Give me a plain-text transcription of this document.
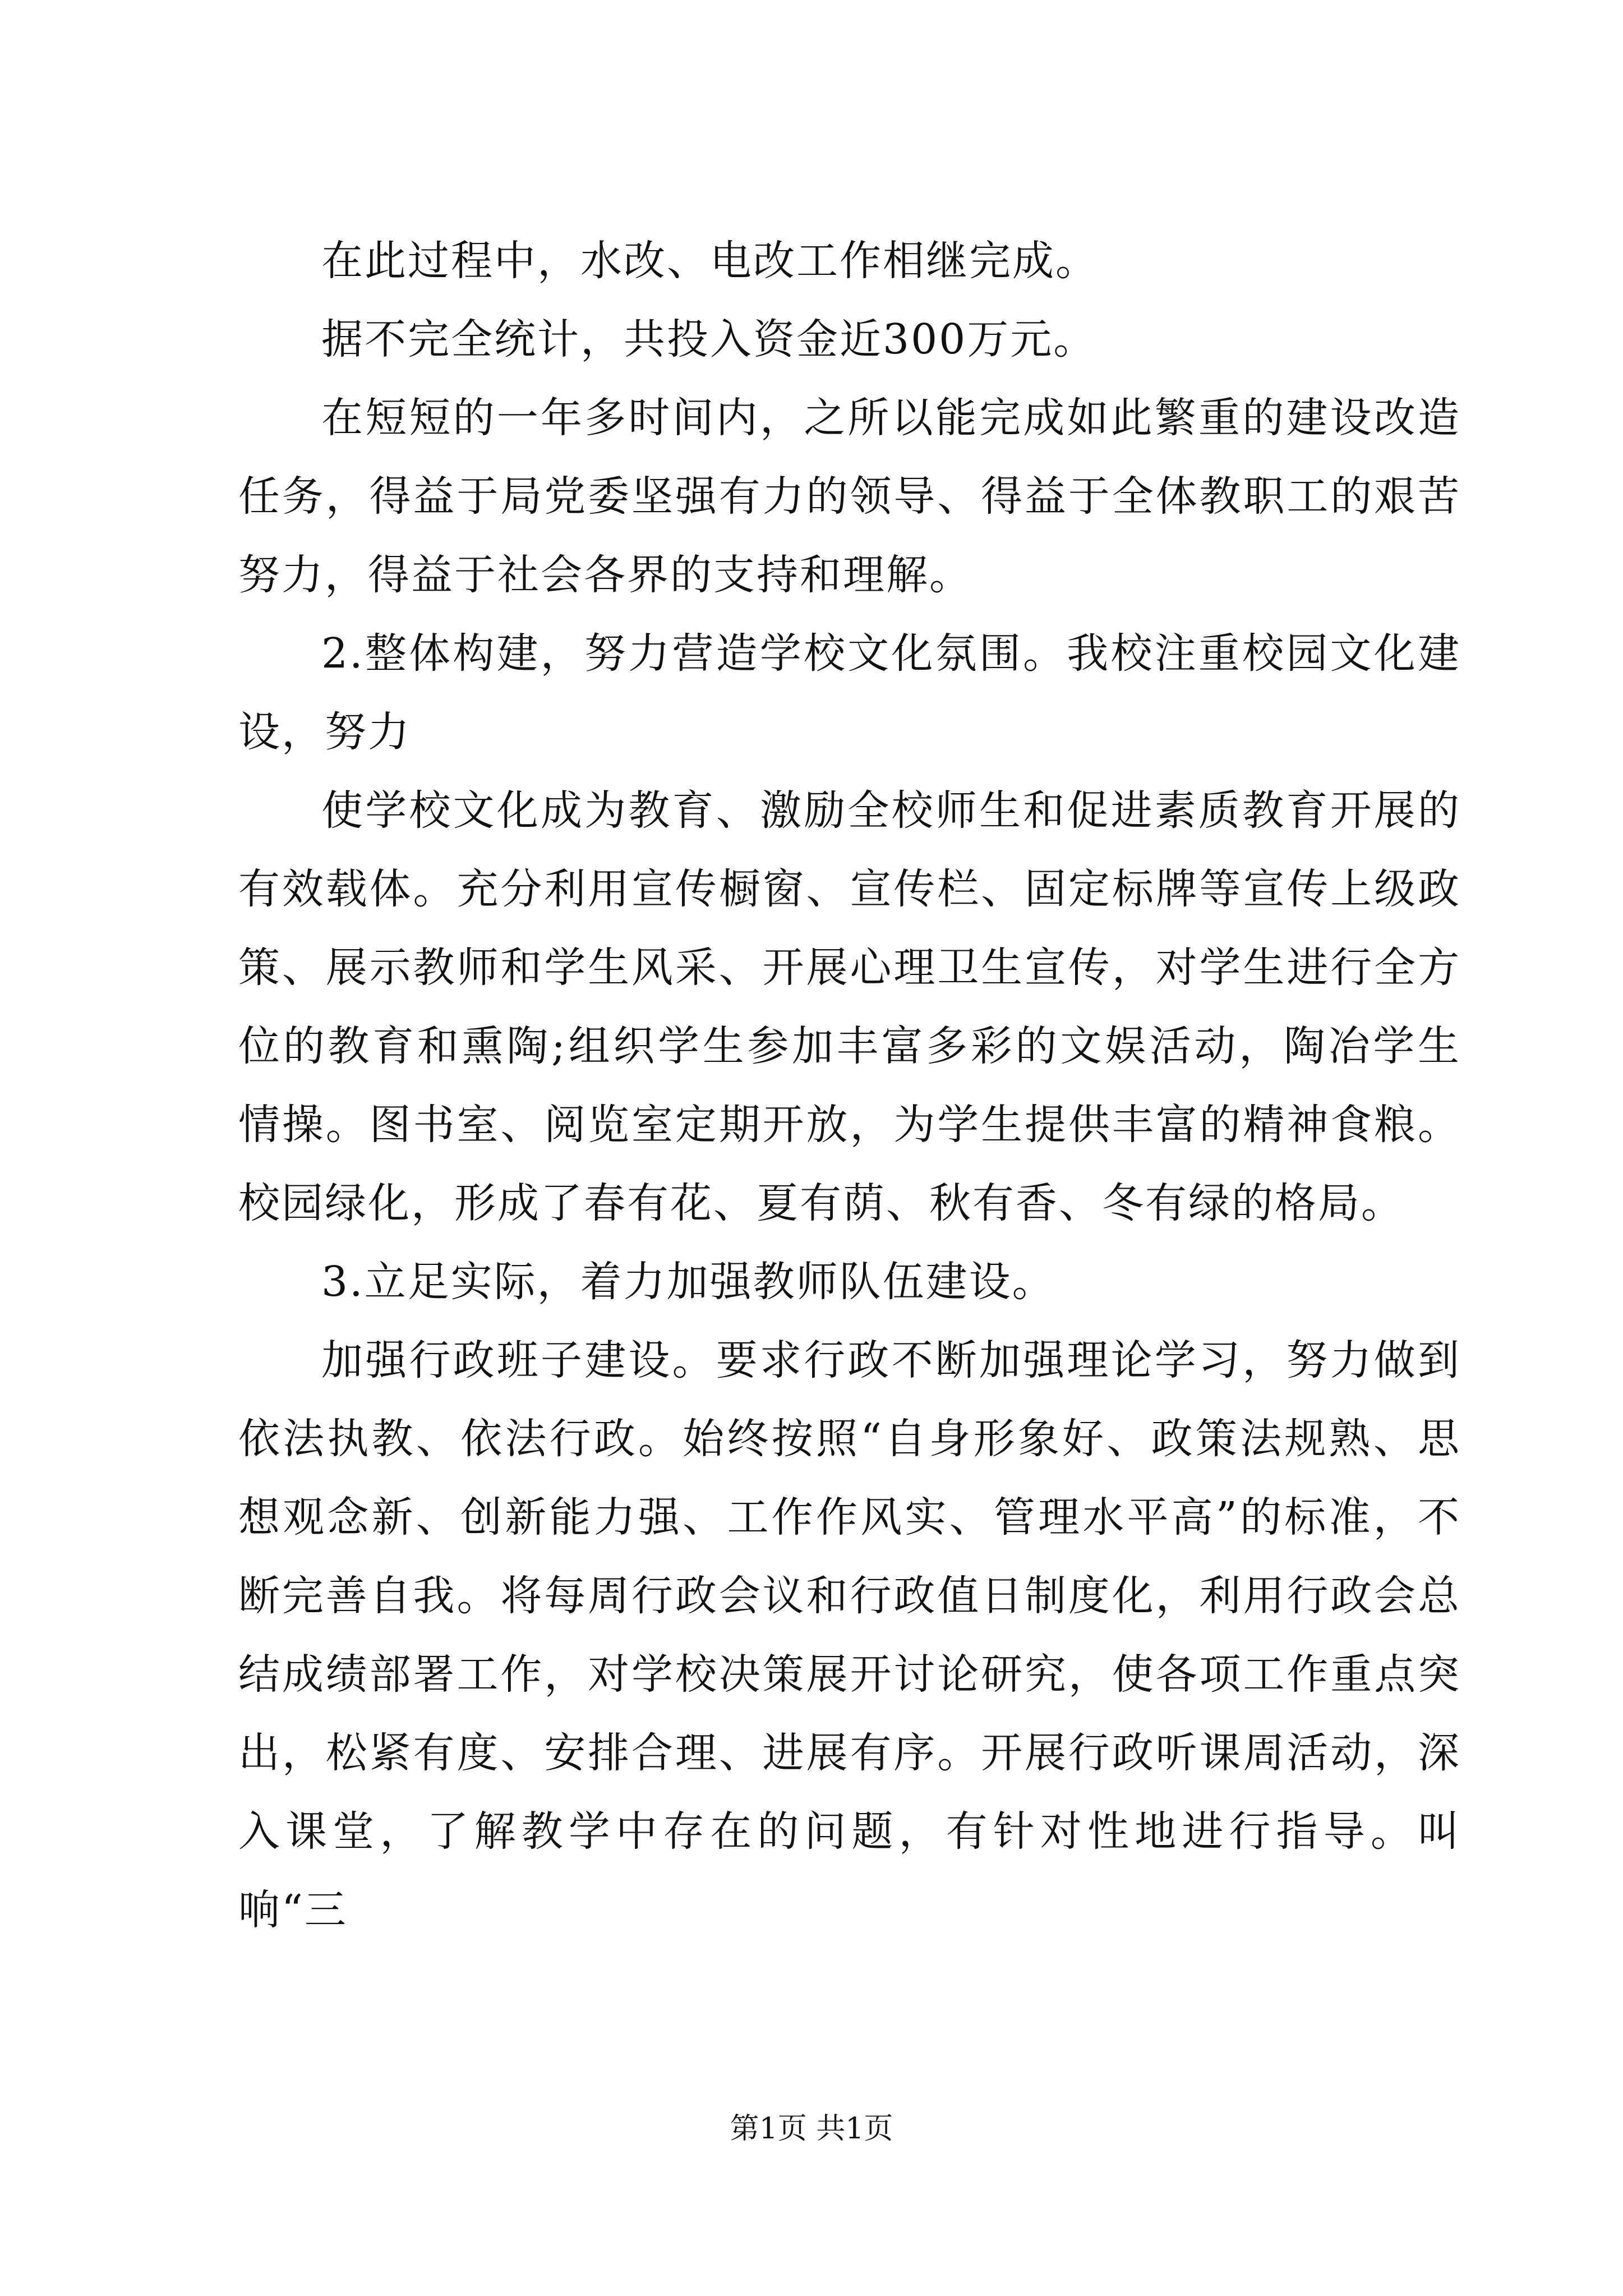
在此过程中，水改、电改工作相继完成。

据不完全统计，共投入资金近300万元。

在短短的一年多时间内，之所以能完成如此繁重的建设改造任务，得益于局党委坚强有力的领导、得益于全体教职工的艰苦努力，得益于社会各界的支持和理解。

2.整体构建，努力营造学校文化氛围。我校注重校园文化建设，努力

使学校文化成为教育、激励全校师生和促进素质教育开展的有效载体。充分利用宣传橱窗、宣传栏、固定标牌等宣传上级政策、展示教师和学生风采、开展心理卫生宣传，对学生进行全方位的教育和熏陶;组织学生参加丰富多彩的文娱活动，陶冶学生情操。图书室、阅览室定期开放，为学生提供丰富的精神食粮。校园绿化，形成了春有花、夏有荫、秋有香、冬有绿的格局。

3.立足实际，着力加强教师队伍建设。

加强行政班子建设。要求行政不断加强理论学习，努力做到依法执教、依法行政。始终按照“自身形象好、政策法规熟、思想观念新、创新能力强、工作作风实、管理水平高”的标准，不断完善自我。将每周行政会议和行政值日制度化，利用行政会总结成绩部署工作，对学校决策展开讨论研究，使各项工作重点突出，松紧有度、安排合理、进展有序。开展行政听课周活动，深入课堂，了解教学中存在的问题，有针对性地进行指导。叫响“三

第1页 共1页
